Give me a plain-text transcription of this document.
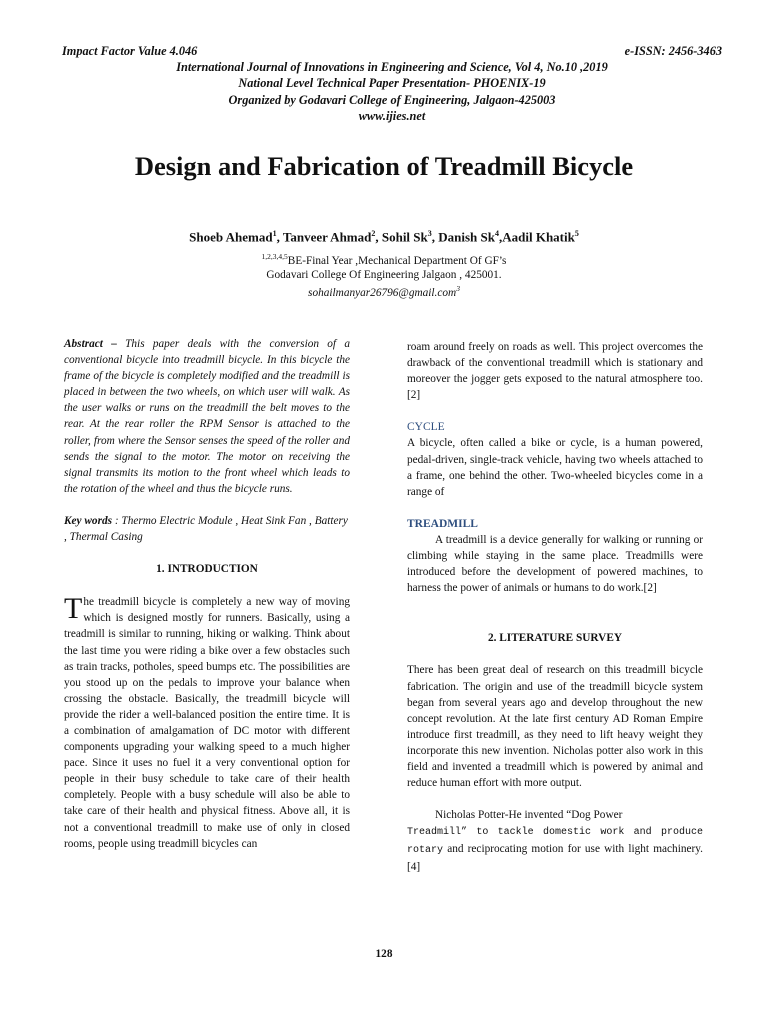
Impact Factor Value 4.046	e-ISSN: 2456-3463
International Journal of Innovations in Engineering and Science, Vol 4, No.10 ,2019
National Level Technical Paper Presentation- PHOENIX-19
Organized by Godavari College of Engineering, Jalgaon-425003
www.ijies.net
Design and Fabrication of Treadmill Bicycle
Shoeb Ahemad$^1$, Tanveer Ahmad$^2$, Sohil Sk$^3$, Danish Sk$^4$,Aadil Khatik$^5$
$^{1,2,3,4,5}$BE-Final Year ,Mechanical Department Of GF’s
Godavari College Of Engineering Jalgaon , 425001.
sohailmanyar26796@gmail.com$^3$

Abstract – This paper deals with the conversion of a conventional bicycle into treadmill bicycle. In this bicycle the frame of the bicycle is completely modified and the treadmill is placed in between the two wheels, on which user will walk. As the user walks or runs on the treadmill the belt moves to the rear. At the rear roller the RPM Sensor is attached to the roller, from where the Sensor senses the speed of the roller and sends the signal to the motor. The motor on receiving the signal transmits its motion to the front wheel which leads to the rotation of the wheel and thus the bicycle runs.

Key words : Thermo Electric Module , Heat Sink Fan , Battery , Thermal Casing

1. INTRODUCTION

The treadmill bicycle is completely a new way of moving which is designed mostly for runners. Basically, using a treadmill is similar to running, hiking or walking. Think about the last time you were riding a bike over a few obstacles such as train tracks, potholes, speed bumps etc. The possibilities are you stood up on the pedals to improve your balance when crossing the obstacle. Basically, the treadmill bicycle will provide the rider a well-balanced position the entire time. It is a combination of amalgamation of DC motor with different components upgrading your walking speed to a much higher pace. Since it uses no fuel it a very conventional option for people in their busy schedule to take care of their health completely. People with a busy schedule will also be able to take care of their health and physical fitness. Above all, it is not a conventional treadmill to make use of only in closed rooms, people using treadmill bicycles can

roam around freely on roads as well. This project overcomes the drawback of the conventional treadmill which is stationary and moreover the jogger gets exposed to the natural atmosphere too.[2]

CYCLE

A bicycle, often called a bike or cycle, is a human powered, pedal-driven, single-track vehicle, having two wheels attached to a frame, one behind the other. Two-wheeled bicycles come in a range of

TREADMILL

A treadmill is a device generally for walking or running or climbing while staying in the same place. Treadmills were introduced before the development of powered machines, to harness the power of animals or humans to do work.[2]

2. LITERATURE SURVEY

There has been great deal of research on this treadmill bicycle fabrication. The origin and use of the treadmill bicycle system began from several years ago and develop throughout the new concept revolution. At the late first century AD Roman Empire introduce first treadmill, as they need to lift heavy weight they incorporate this new invention. Nicholas potter also work in this field and invented a treadmill which is powered by animal and reduce human effort with more output.

Nicholas Potter-He invented “Dog Power
Treadmill” to tackle domestic work and produce rotary and reciprocating motion for use with light machinery.[4]

128
